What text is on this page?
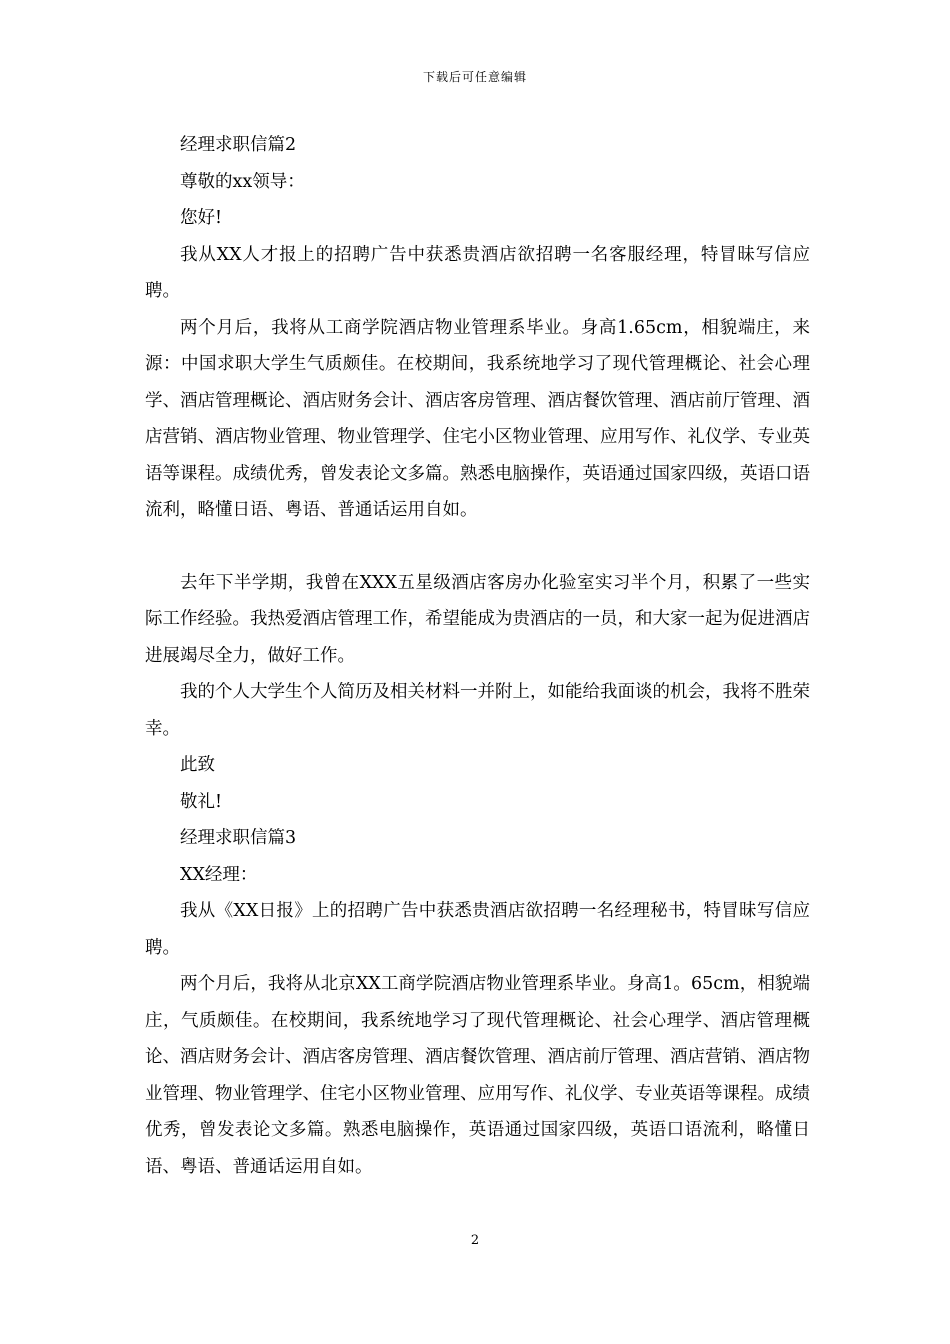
下载后可任意编辑

经理求职信篇2

尊敬的xx领导：

您好!

我从XX人才报上的招聘广告中获悉贵酒店欲招聘一名客服经理，特冒昧写信应聘。

两个月后，我将从工商学院酒店物业管理系毕业。身高1.65cm，相貌端庄，来源：中国求职大学生气质颇佳。在校期间，我系统地学习了现代管理概论、社会心理学、酒店管理概论、酒店财务会计、酒店客房管理、酒店餐饮管理、酒店前厅管理、酒店营销、酒店物业管理、物业管理学、住宅小区物业管理、应用写作、礼仪学、专业英语等课程。成绩优秀，曾发表论文多篇。熟悉电脑操作，英语通过国家四级，英语口语流利，略懂日语、粤语、普通话运用自如。

去年下半学期，我曾在XXX五星级酒店客房办化验室实习半个月，积累了一些实际工作经验。我热爱酒店管理工作，希望能成为贵酒店的一员，和大家一起为促进酒店进展竭尽全力，做好工作。

我的个人大学生个人简历及相关材料一并附上，如能给我面谈的机会，我将不胜荣幸。

此致

敬礼!

经理求职信篇3

XX经理：

我从《XX日报》上的招聘广告中获悉贵酒店欲招聘一名经理秘书，特冒昧写信应聘。

两个月后，我将从北京XX工商学院酒店物业管理系毕业。身高1。65cm，相貌端庄，气质颇佳。在校期间，我系统地学习了现代管理概论、社会心理学、酒店管理概论、酒店财务会计、酒店客房管理、酒店餐饮管理、酒店前厅管理、酒店营销、酒店物业管理、物业管理学、住宅小区物业管理、应用写作、礼仪学、专业英语等课程。成绩优秀，曾发表论文多篇。熟悉电脑操作，英语通过国家四级，英语口语流利，略懂日语、粤语、普通话运用自如。

2
